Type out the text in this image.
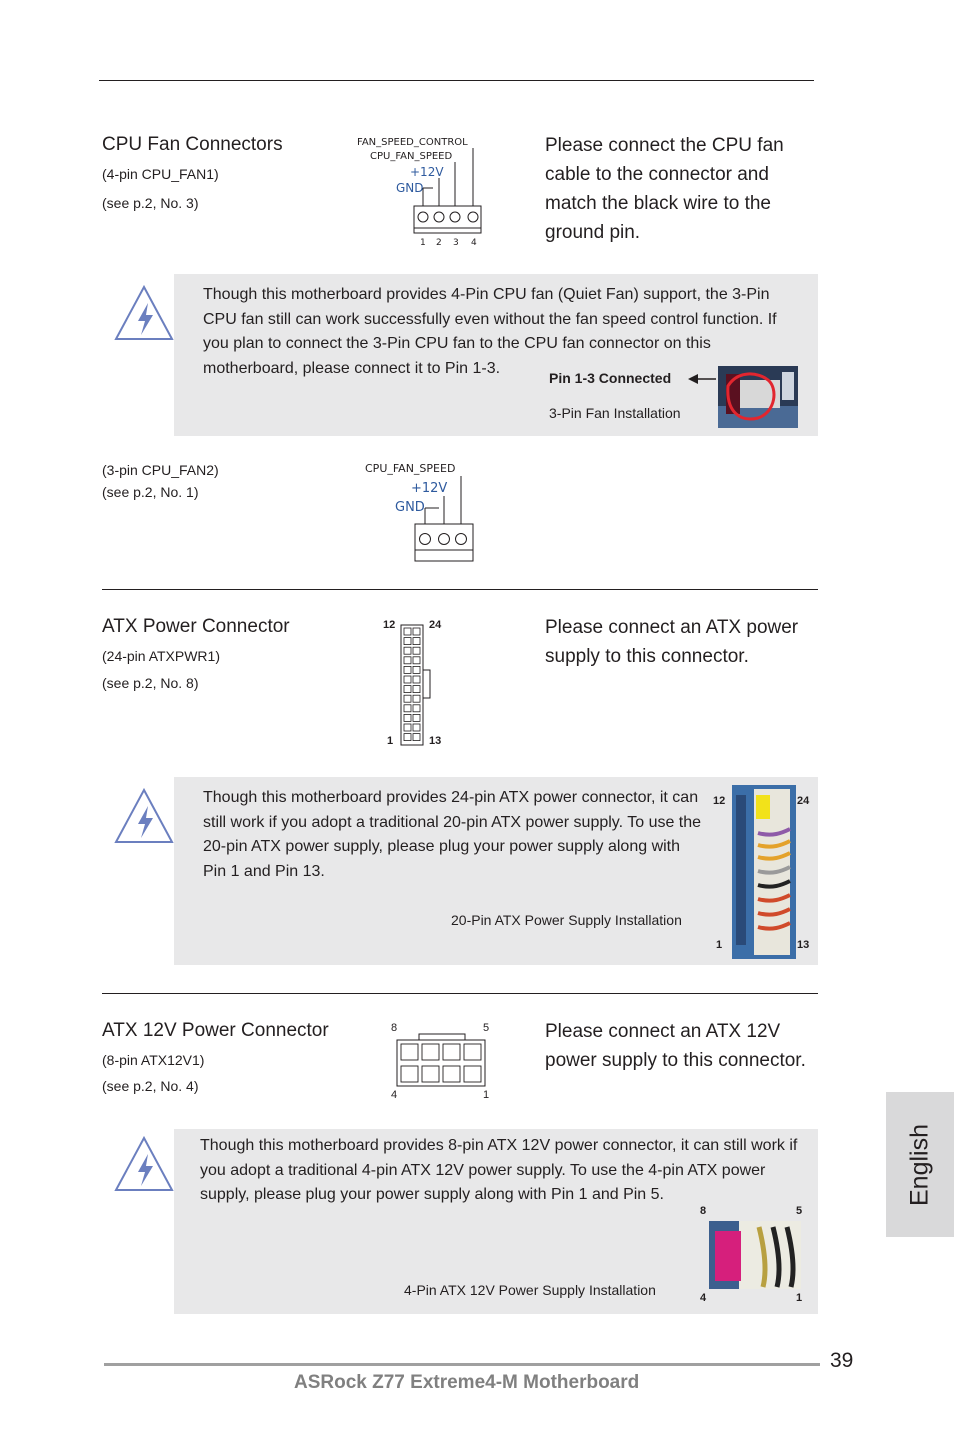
CPU Fan Connectors
(4-pin CPU_FAN1)
(see p.2, No. 3)
FAN_SPEED_CONTROL
CPU_FAN_SPEED
+12V
GND
1 2 3 4
Please connect the CPU fan cable to the connector and match the black wire to the ground pin.
Though this motherboard provides 4-Pin CPU fan (Quiet Fan) support, the 3-Pin CPU fan still can work successfully even without the fan speed control function. If you plan to connect the 3-Pin CPU fan to the CPU fan connector on this motherboard, please connect it to Pin 1-3.
Pin 1-3 Connected
3-Pin Fan Installation
(3-pin CPU_FAN2)
(see p.2, No. 1)
CPU_FAN_SPEED
+12V
GND
ATX Power Connector
(24-pin ATXPWR1)
(see p.2, No. 8)
12	24
1	13
Please connect an ATX power supply to this connector.
Though this motherboard provides 24-pin ATX power connector, it can still work if you adopt a traditional 20-pin ATX power supply. To use the 20-pin ATX power supply, please plug your power supply along with Pin 1 and Pin 13.
20-Pin ATX Power Supply Installation
12	24
1	13
ATX 12V Power Connector
(8-pin ATX12V1)
(see p.2, No. 4)
8	5
4	1
Please connect an ATX 12V power supply to this connector.
Though this motherboard provides 8-pin ATX 12V power connector, it can still work if you adopt a traditional 4-pin ATX 12V power supply. To use the 4-pin ATX power supply, please plug your power supply along with Pin 1 and Pin 5.
4-Pin ATX 12V Power Supply Installation
8	5
4	1
English
ASRock Z77 Extreme4-M Motherboard
39
